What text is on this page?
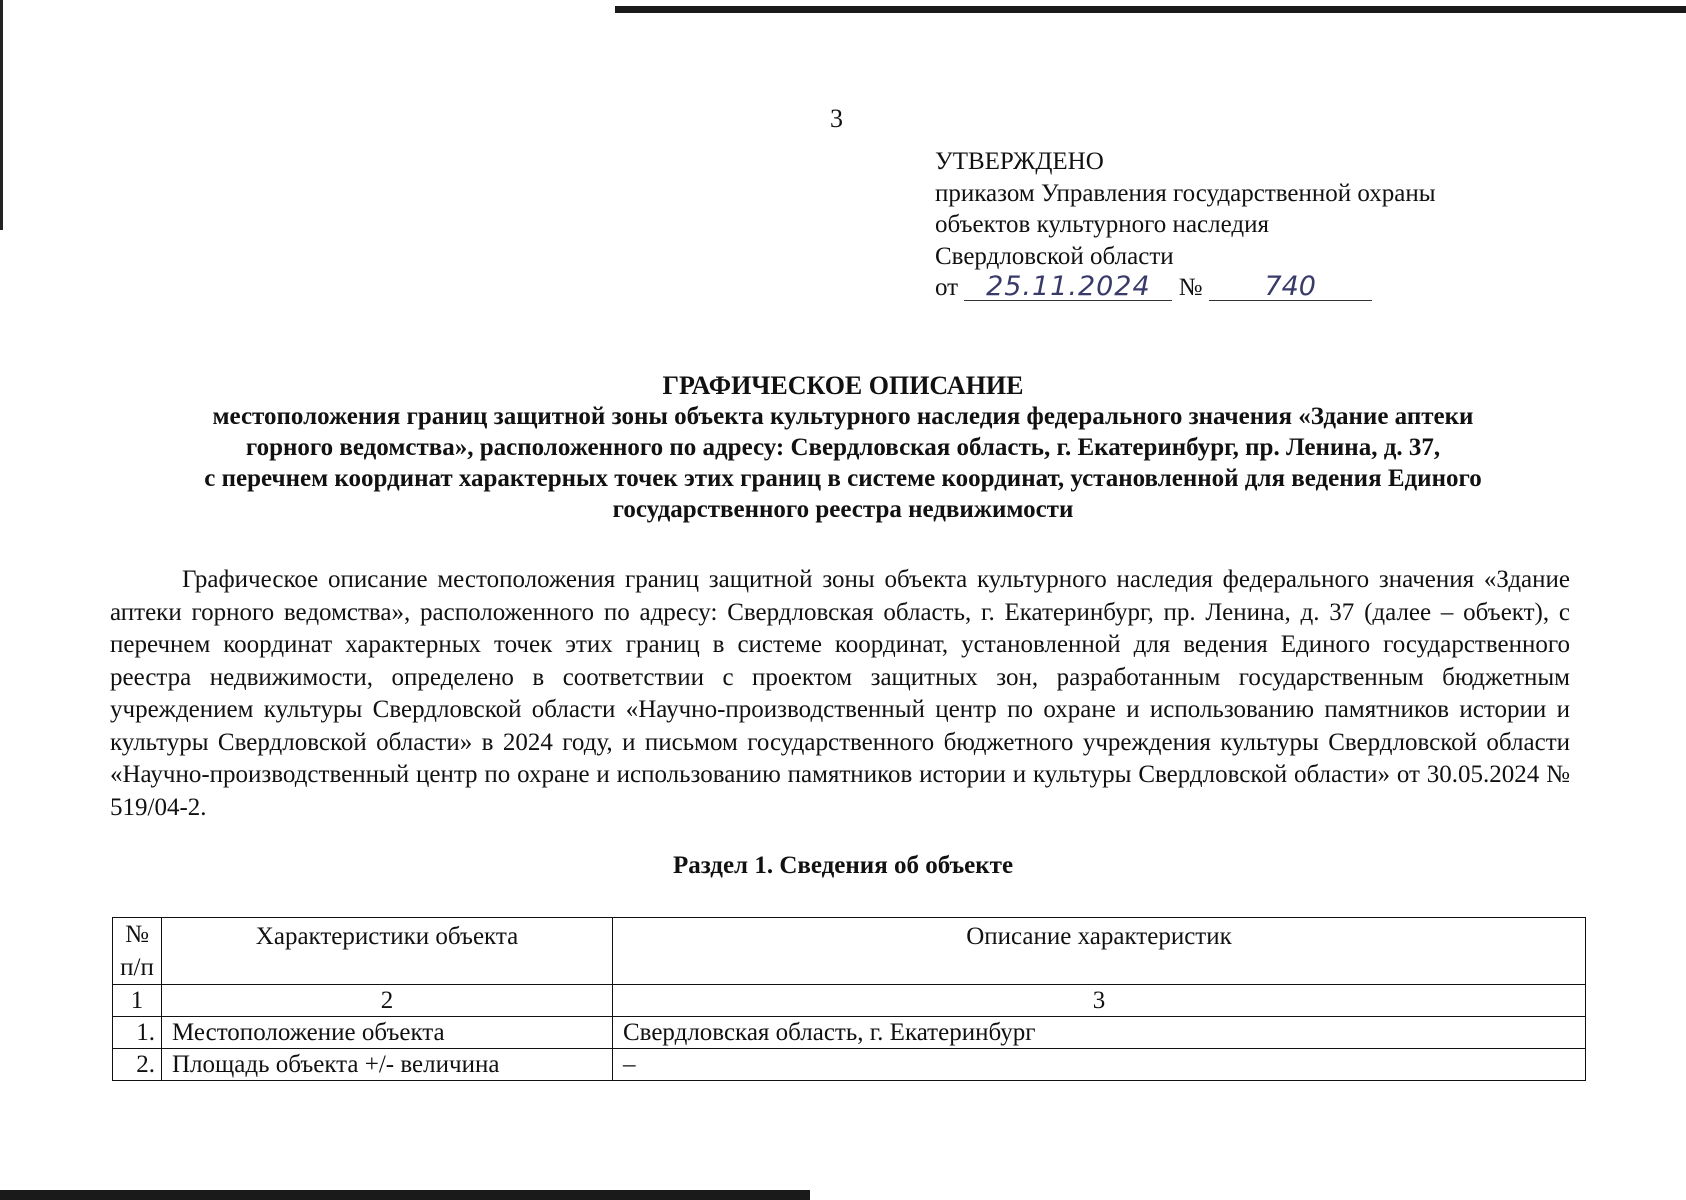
3
УТВЕРЖДЕНО
приказом Управления государственной охраны
объектов культурного наследия
Свердловской области
от 25.11.2024 № 740
ГРАФИЧЕСКОЕ ОПИСАНИЕ
местоположения границ защитной зоны объекта культурного наследия федерального значения «Здание аптеки
горного ведомства», расположенного по адресу: Свердловская область, г. Екатеринбург, пр. Ленина, д. 37,
с перечнем координат характерных точек этих границ в системе координат, установленной для ведения Единого
государственного реестра недвижимости
Графическое описание местоположения границ защитной зоны объекта культурного наследия федерального значения «Здание аптеки горного ведомства», расположенного по адресу: Свердловская область, г. Екатеринбург, пр. Ленина, д. 37 (далее – объект), с перечнем координат характерных точек этих границ в системе координат, установленной для ведения Единого государственного реестра недвижимости, определено в соответствии с проектом защитных зон, разработанным государственным бюджетным учреждением культуры Свердловской области «Научно-производственный центр по охране и использованию памятников истории и культуры Свердловской области» в 2024 году, и письмом государственного бюджетного учреждения культуры Свердловской области «Научно-производственный центр по охране и использованию памятников истории и культуры Свердловской области» от 30.05.2024 № 519/04-2.
Раздел 1. Сведения об объекте
№
п/п	Характеристики объекта	Описание характеристик
1	2	3
1.	Местоположение объекта	Свердловская область, г. Екатеринбург
2.	Площадь объекта +/- величина	–
